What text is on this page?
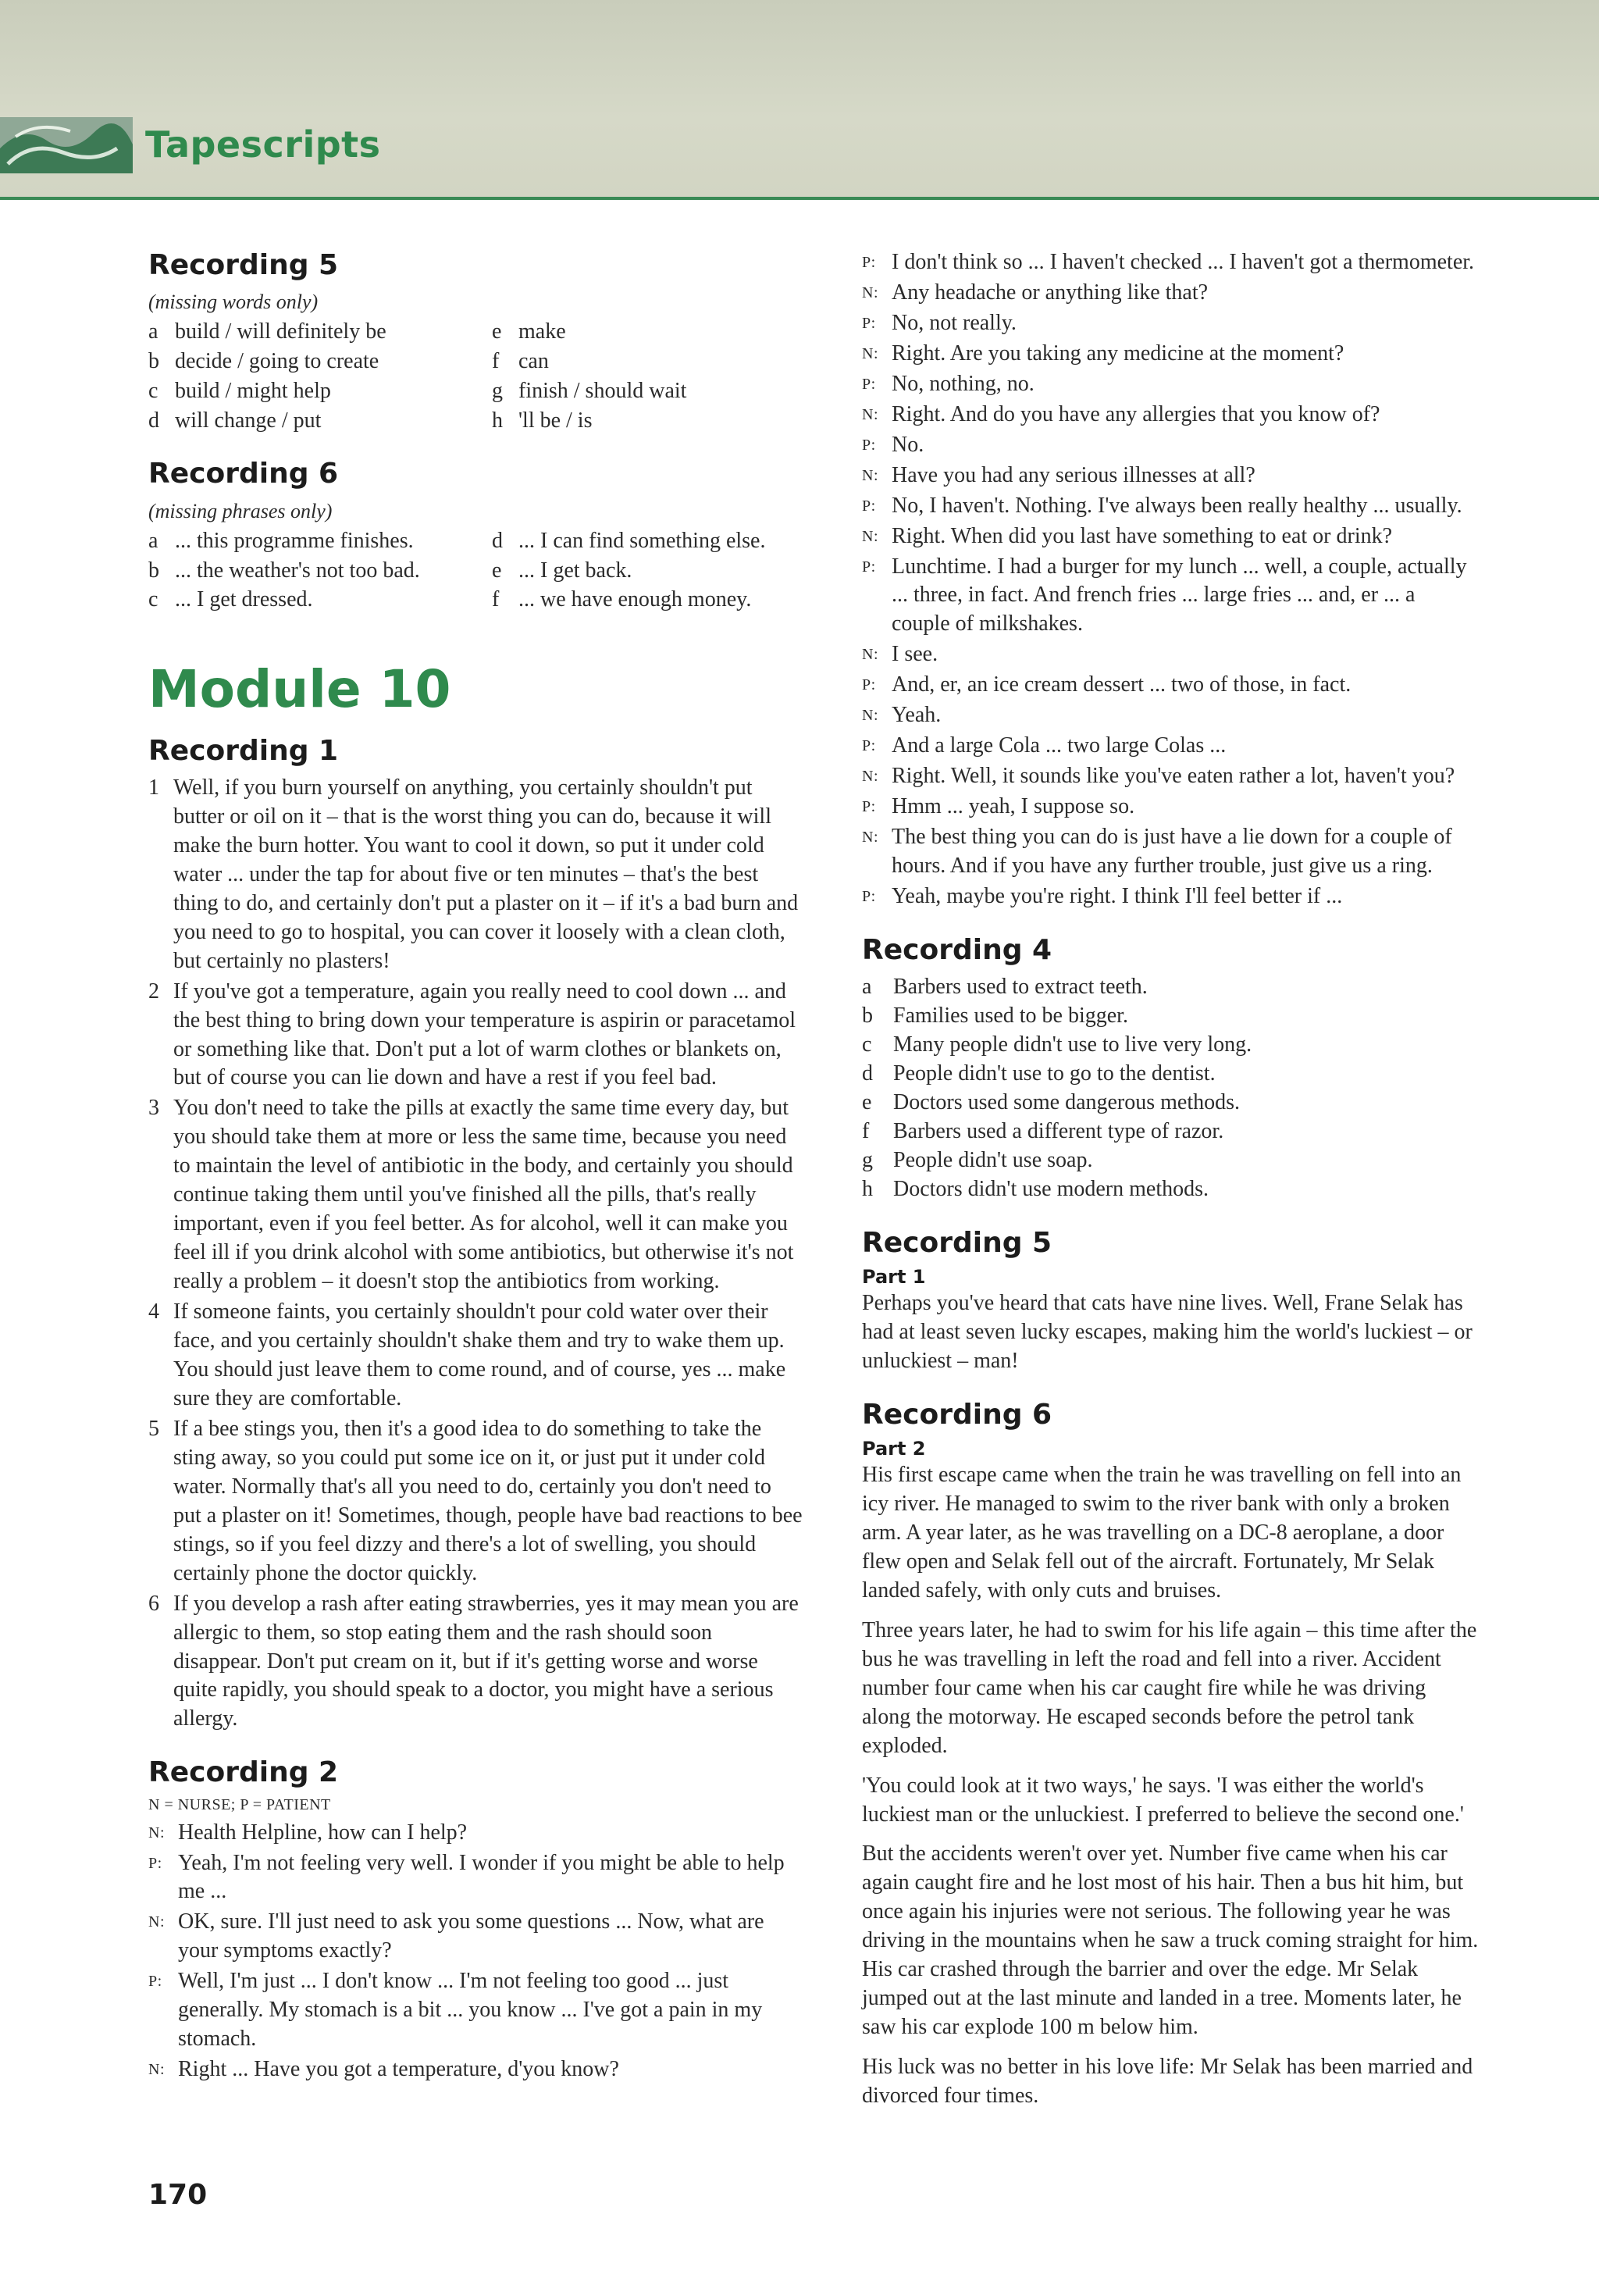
Tapescripts
Recording 5
(missing words only)
a build / will definitely be
b decide / going to create
c build / might help
d will change / put
e make
f can
g finish / should wait
h 'll be / is
Recording 6
(missing phrases only)
a ... this programme finishes.
b ... the weather's not too bad.
c ... I get dressed.
d ... I can find something else.
e ... I get back.
f ... we have enough money.
Module 10
Recording 1
1 Well, if you burn yourself on anything, you certainly shouldn't put butter or oil on it – that is the worst thing you can do, because it will make the burn hotter. You want to cool it down, so put it under cold water ... under the tap for about five or ten minutes – that's the best thing to do, and certainly don't put a plaster on it – if it's a bad burn and you need to go to hospital, you can cover it loosely with a clean cloth, but certainly no plasters!
2 If you've got a temperature, again you really need to cool down ... and the best thing to bring down your temperature is aspirin or paracetamol or something like that. Don't put a lot of warm clothes or blankets on, but of course you can lie down and have a rest if you feel bad.
3 You don't need to take the pills at exactly the same time every day, but you should take them at more or less the same time, because you need to maintain the level of antibiotic in the body, and certainly you should continue taking them until you've finished all the pills, that's really important, even if you feel better. As for alcohol, well it can make you feel ill if you drink alcohol with some antibiotics, but otherwise it's not really a problem – it doesn't stop the antibiotics from working.
4 If someone faints, you certainly shouldn't pour cold water over their face, and you certainly shouldn't shake them and try to wake them up. You should just leave them to come round, and of course, yes ... make sure they are comfortable.
5 If a bee stings you, then it's a good idea to do something to take the sting away, so you could put some ice on it, or just put it under cold water. Normally that's all you need to do, certainly you don't need to put a plaster on it! Sometimes, though, people have bad reactions to bee stings, so if you feel dizzy and there's a lot of swelling, you should certainly phone the doctor quickly.
6 If you develop a rash after eating strawberries, yes it may mean you are allergic to them, so stop eating them and the rash should soon disappear. Don't put cream on it, but if it's getting worse and worse quite rapidly, you should speak to a doctor, you might have a serious allergy.
Recording 2
N = NURSE; P = PATIENT
N: Health Helpline, how can I help?
P: Yeah, I'm not feeling very well. I wonder if you might be able to help me ...
N: OK, sure. I'll just need to ask you some questions ... Now, what are your symptoms exactly?
P: Well, I'm just ... I don't know ... I'm not feeling too good ... just generally. My stomach is a bit ... you know ... I've got a pain in my stomach.
N: Right ... Have you got a temperature, d'you know?
P: I don't think so ... I haven't checked ... I haven't got a thermometer.
N: Any headache or anything like that?
P: No, not really.
N: Right. Are you taking any medicine at the moment?
P: No, nothing, no.
N: Right. And do you have any allergies that you know of?
P: No.
N: Have you had any serious illnesses at all?
P: No, I haven't. Nothing. I've always been really healthy ... usually.
N: Right. When did you last have something to eat or drink?
P: Lunchtime. I had a burger for my lunch ... well, a couple, actually ... three, in fact. And french fries ... large fries ... and, er ... a couple of milkshakes.
N: I see.
P: And, er, an ice cream dessert ... two of those, in fact.
N: Yeah.
P: And a large Cola ... two large Colas ...
N: Right. Well, it sounds like you've eaten rather a lot, haven't you?
P: Hmm ... yeah, I suppose so.
N: The best thing you can do is just have a lie down for a couple of hours. And if you have any further trouble, just give us a ring.
P: Yeah, maybe you're right. I think I'll feel better if ...
Recording 4
a Barbers used to extract teeth.
b Families used to be bigger.
c Many people didn't use to live very long.
d People didn't use to go to the dentist.
e Doctors used some dangerous methods.
f	Barbers used a different type of razor.
g People didn't use soap.
h Doctors didn't use modern methods.
Recording 5
Part 1

Perhaps you've heard that cats have nine lives. Well, Frane Selak has had at least seven lucky escapes, making him the world's luckiest – or unluckiest – man!

Recording 6
Part 2

His first escape came when the train he was travelling on fell into an icy river. He managed to swim to the river bank with only a broken arm. A year later, as he was travelling on a DC-8 aeroplane, a door flew open and Selak fell out of the aircraft. Fortunately, Mr Selak landed safely, with only cuts and bruises.

Three years later, he had to swim for his life again – this time after the bus he was travelling in left the road and fell into a river. Accident number four came when his car caught fire while he was driving along the motorway. He escaped seconds before the petrol tank exploded.

'You could look at it two ways,' he says. 'I was either the world's luckiest man or the unluckiest. I preferred to believe the second one.'

But the accidents weren't over yet. Number five came when his car again caught fire and he lost most of his hair. Then a bus hit him, but once again his injuries were not serious. The following year he was driving in the mountains when he saw a truck coming straight for him. His car crashed through the barrier and over the edge. Mr Selak jumped out at the last minute and landed in a tree. Moments later, he saw his car explode 100 m below him.

His luck was no better in his love life: Mr Selak has been married and divorced four times.

170
